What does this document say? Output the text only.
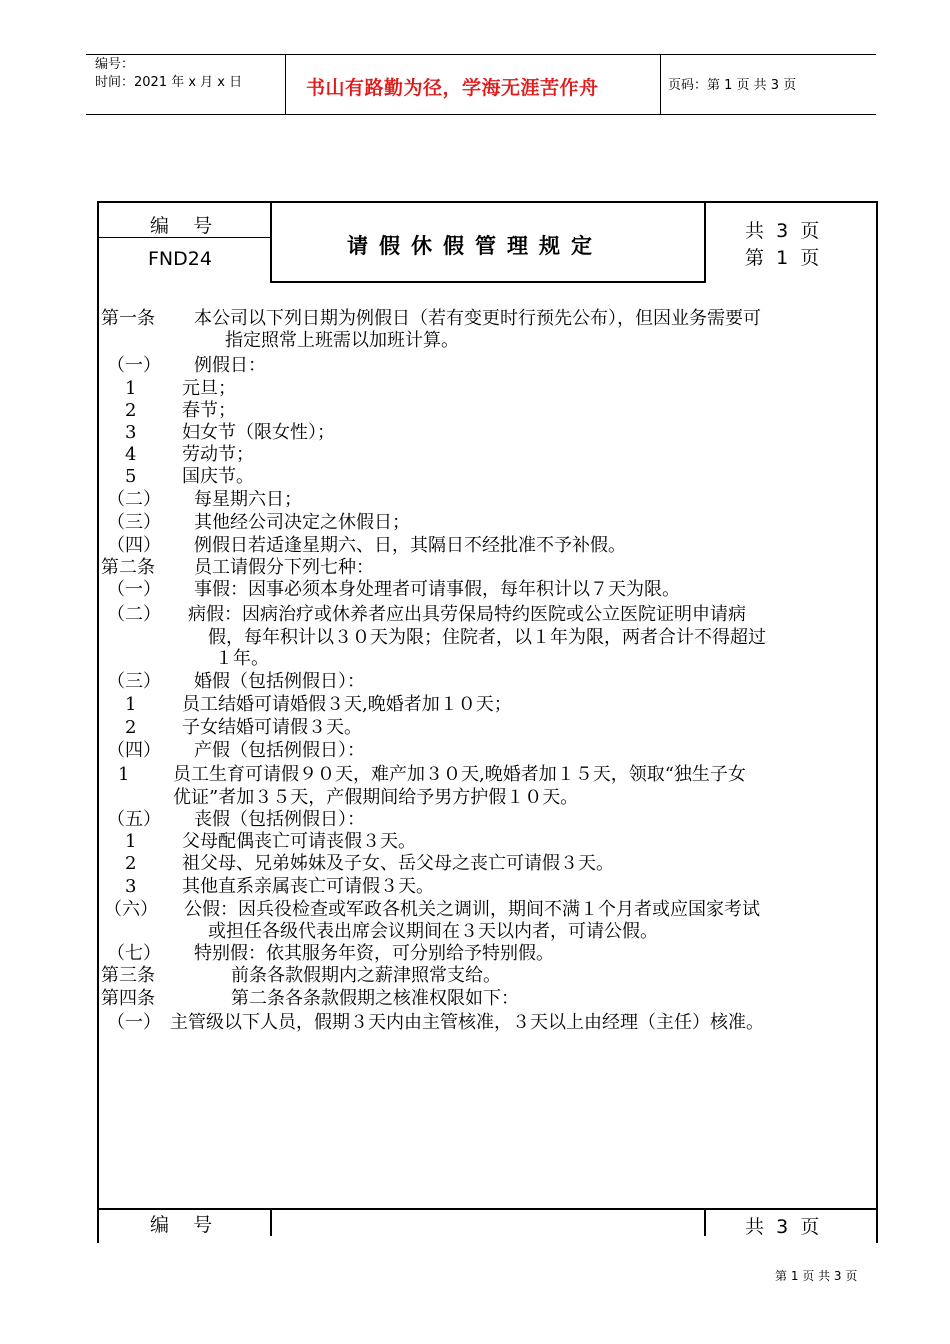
编号：
时间：2021 年 x 月 x 日	书山有路勤为径，学海无涯苦作舟	页码：第 1 页 共 3 页
编    号
FND24
请假休假管理规定
共  3  页
第  1  页
第一条 本公司以下列日期为例假日（若有变更时行预先公布），但因业务需要可
指定照常上班需以加班计算。
（一） 例假日：
1	元旦；
2	春节；
3	妇女节（限女性）；
4	劳动节；
5	国庆节。
（二） 每星期六日；
（三） 其他经公司决定之休假日；
（四） 例假日若适逢星期六、日，其隔日不经批准不予补假。
第二条 员工请假分下列七种：
（一） 事假：因事必须本身处理者可请事假，每年积计以７天为限。
（二） 病假：因病治疗或休养者应出具劳保局特约医院或公立医院证明申请病
假，每年积计以３０天为限；住院者，以１年为限，两者合计不得超过
１年。
（三） 婚假（包括例假日）：
1	员工结婚可请婚假３天,晚婚者加１０天；
2	子女结婚可请假３天。
（四） 产假（包括例假日）：
1 员工生育可请假９０天，难产加３０天,晚婚者加１５天，领取“独生子女
优证”者加３５天，产假期间给予男方护假１０天。
（五） 丧假（包括例假日）：
1	父母配偶丧亡可请丧假３天。
2	祖父母、兄弟姊妹及子女、岳父母之丧亡可请假３天。
3	其他直系亲属丧亡可请假３天。
（六） 公假：因兵役检查或军政各机关之调训，期间不满１个月者或应国家考试
或担任各级代表出席会议期间在３天以内者，可请公假。
（七） 特别假：依其服务年资，可分别给予特别假。
第三条	前条各款假期内之薪津照常支给。
第四条	第二条各条款假期之核准权限如下：
（一） 主管级以下人员，假期３天内由主管核准，３天以上由经理（主任）核准。
编    号	共  3  页
第 1 页 共 3 页
